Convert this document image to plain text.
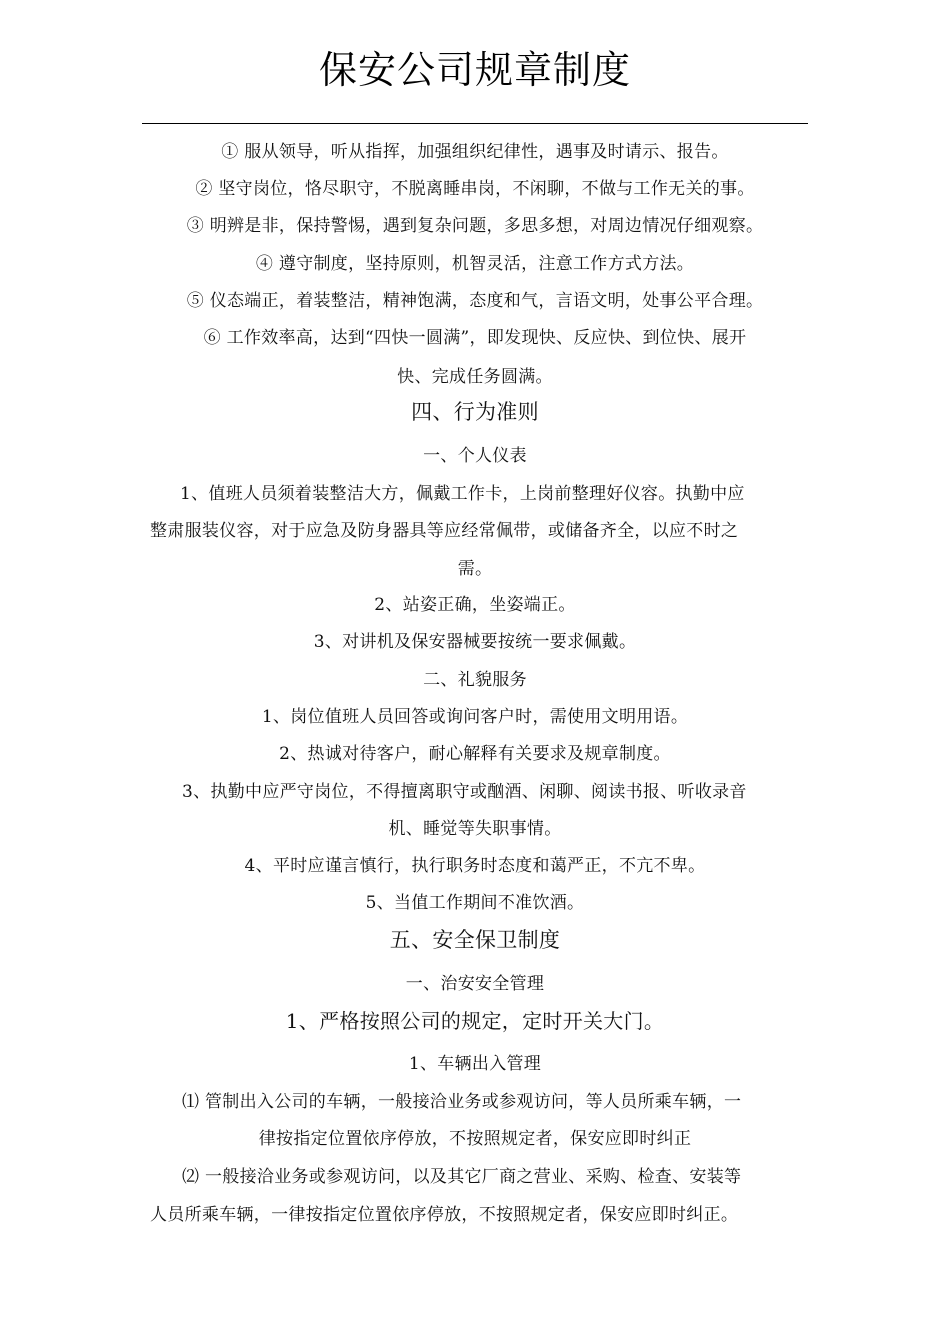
保安公司规章制度
① 服从领导，听从指挥，加强组织纪律性，遇事及时请示、报告。
② 坚守岗位，恪尽职守，不脱离睡串岗，不闲聊，不做与工作无关的事。
③ 明辨是非，保持警惕，遇到复杂问题，多思多想，对周边情况仔细观察。
④ 遵守制度，坚持原则，机智灵活，注意工作方式方法。
⑤ 仪态端正，着装整洁，精神饱满，态度和气，言语文明，处事公平合理。
⑥ 工作效率高，达到“四快一圆满”，即发现快、反应快、到位快、展开
快、完成任务圆满。
四、行为准则
一、个人仪表
1、值班人员须着装整洁大方，佩戴工作卡，上岗前整理好仪容。执勤中应
整肃服装仪容，对于应急及防身器具等应经常佩带，或储备齐全，以应不时之
需。
2、站姿正确，坐姿端正。
3、对讲机及保安器械要按统一要求佩戴。
二、礼貌服务
1、岗位值班人员回答或询问客户时，需使用文明用语。
2、热诚对待客户，耐心解释有关要求及规章制度。
3、执勤中应严守岗位，不得擅离职守或酗酒、闲聊、阅读书报、听收录音
机、睡觉等失职事情。
4、平时应谨言慎行，执行职务时态度和蔼严正，不亢不卑。
5、当值工作期间不准饮酒。
五、安全保卫制度
一、治安安全管理
1、严格按照公司的规定，定时开关大门。
1、车辆出入管理
⑴ 管制出入公司的车辆，一般接洽业务或参观访问，等人员所乘车辆，一
律按指定位置依序停放，不按照规定者，保安应即时纠正
⑵ 一般接洽业务或参观访问，以及其它厂商之营业、采购、检查、安装等
人员所乘车辆，一律按指定位置依序停放，不按照规定者，保安应即时纠正。
